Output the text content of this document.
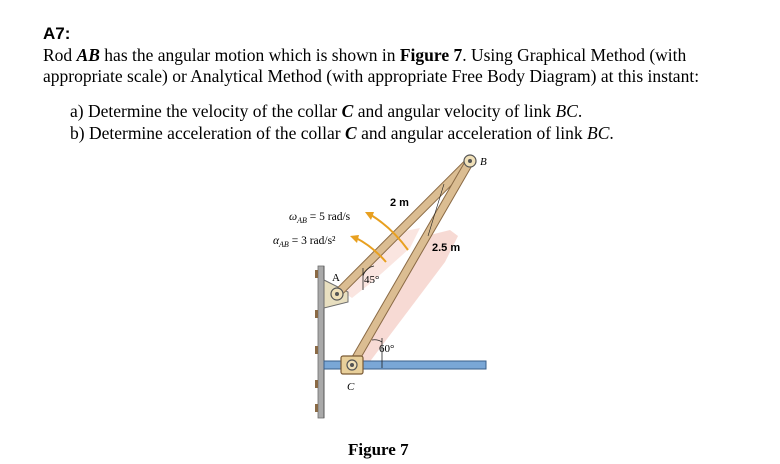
A7:
Rod AB has the angular motion which is shown in Figure 7. Using Graphical Method (with appropriate scale) or Analytical Method (with appropriate Free Body Diagram) at this instant:
a) Determine the velocity of the collar C and angular velocity of link BC.
b) Determine acceleration of the collar C and angular acceleration of link BC.
B
A
C
2 m
2.5 m
45°
60°
$\omega_{AB} = 5$ rad/s
$\alpha_{AB} = 3$ rad/s²
Figure 7
